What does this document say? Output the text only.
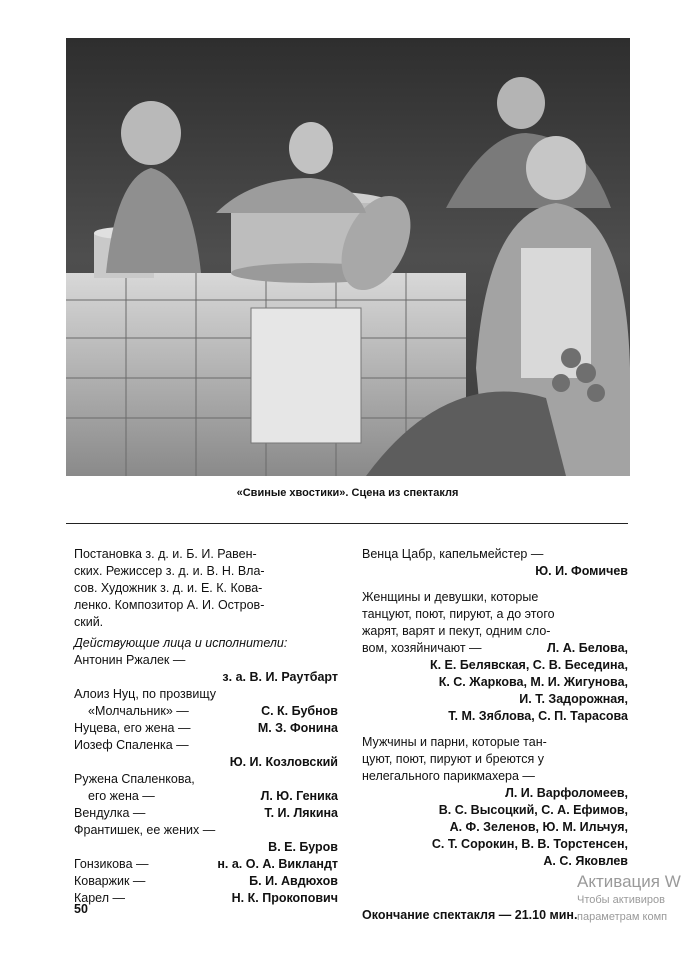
«Свиные хвостики». Сцена из спектакля
Постановка з. д. и. Б. И. Равен-
ских. Режиссер з. д. и. В. Н. Вла-
сов. Художник з. д. и. Е. К. Кова-
ленко. Композитор А. И. Остров-
ский.
Действующие лица и исполнители:
Антонин Ржалек —
з. а. В. И. Раутбарт
Алоиз Нуц, по прозвищу
«Молчальник» —	С. К. Бубнов
Нуцева, его жена —	М. З. Фонина
Иозеф Спаленка —
Ю. И. Козловский
Ружена Спаленкова,
его жена —	Л. Ю. Геника
Вендулка —	Т. И. Лякина
Франтишек, ее жених —
В. Е. Буров
Гонзикова —	н. а. О. А. Викландт
Коваржик —	Б. И. Авдюхов
Карел —	Н. К. Прокопович
Венца Цабр, капельмейстер —
Ю. И. Фомичев
Женщины и девушки, которые
танцуют, поют, пируют, а до этого
жарят, варят и пекут, одним сло-
вом, хозяйничают —	Л. А. Белова,
К. Е. Белявская, С. В. Беседина,
К. С. Жаркова, М. И. Жигунова,
И. Т. Задорожная,
Т. М. Зяблова, С. П. Тарасова
Мужчины и парни, которые тан-
цуют, поют, пируют и бреются у
нелегального парикмахера —
Л. И. Варфоломеев,
В. С. Высоцкий, С. А. Ефимов,
А. Ф. Зеленов, Ю. М. Ильчуя,
С. Т. Сорокин, В. В. Торстенсен,
А. С. Яковлев
Окончание спектакля — 21.10 мин.
50
Активация W
Чтобы активиров
параметрам комп
